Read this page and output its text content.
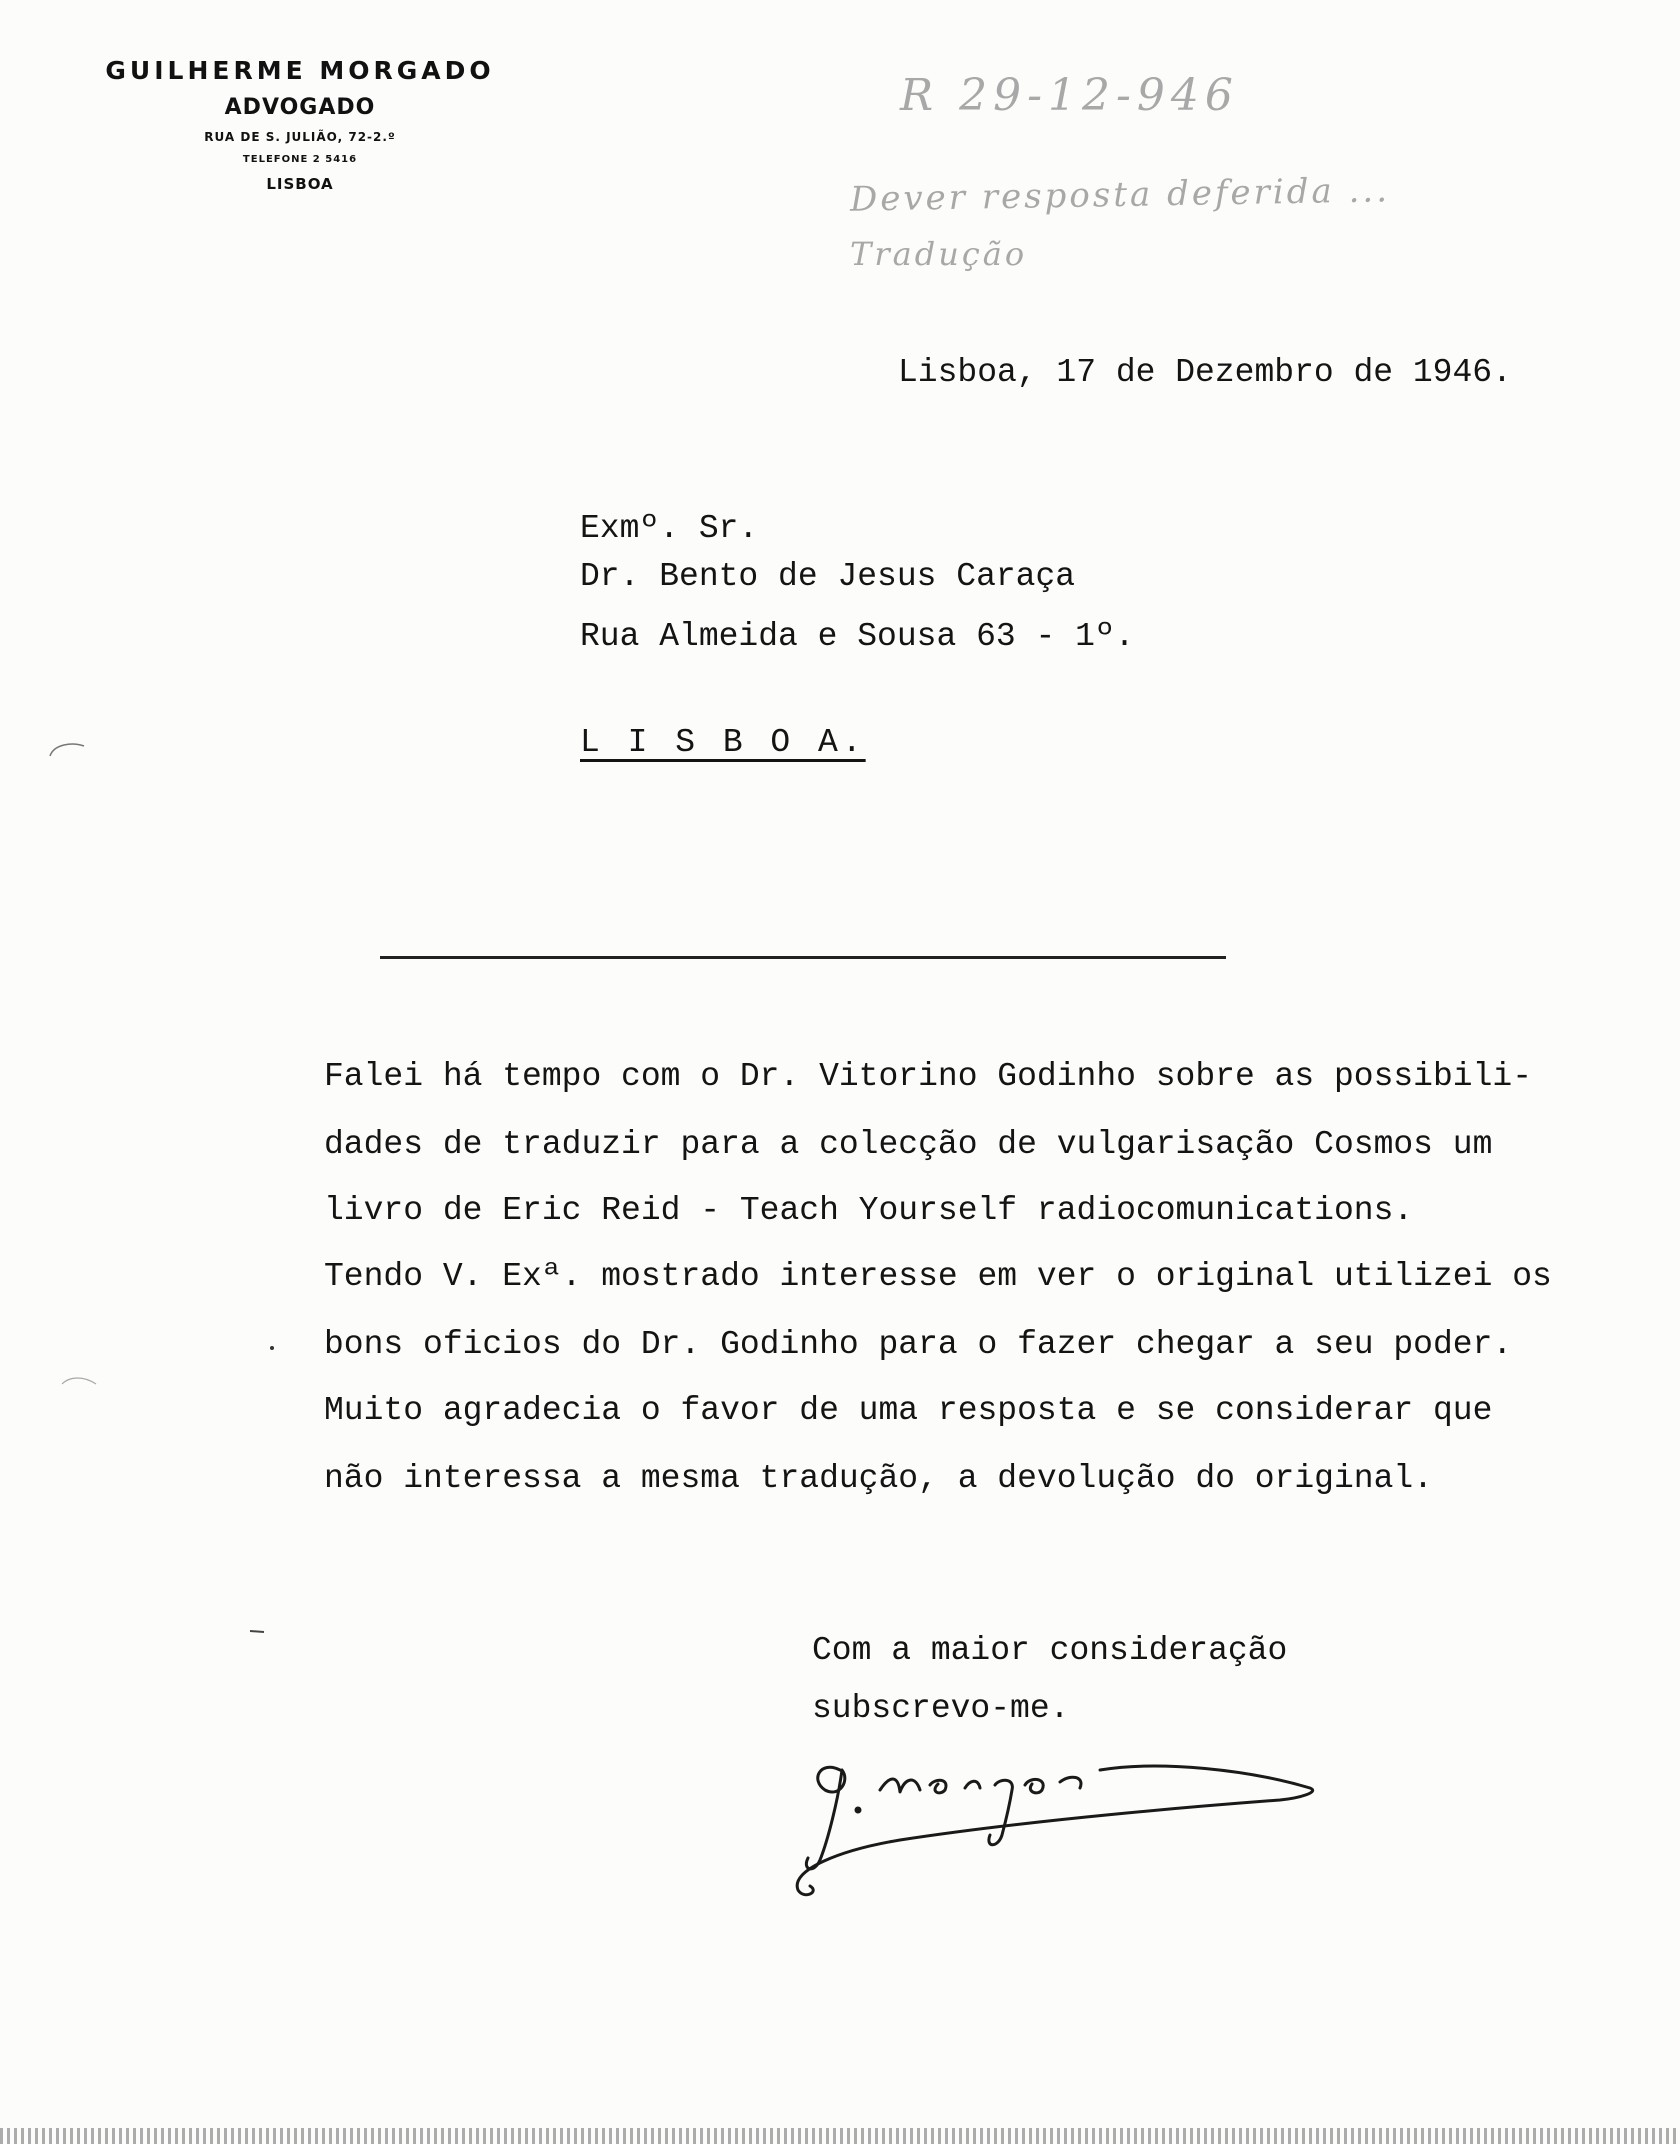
GUILHERME MORGADO
ADVOGADO
RUA DE S. JULIÃO, 72-2.º
TELEFONE 2 5416
LISBOA
R 29-12-946
Dever resposta deferida ...
Tradução
Lisboa, 17 de Dezembro de 1946.
Exmº. Sr.
Dr. Bento de Jesus Caraça
Rua Almeida e Sousa 63 - 1º.
L I S B O A.
Falei há tempo com o Dr. Vitorino Godinho sobre as possibili-
dades de traduzir para a colecção de vulgarisação Cosmos um
livro de Eric Reid - Teach Yourself radiocomunications.
Tendo V. Exª. mostrado interesse em ver o original utilizei os
bons oficios do Dr. Godinho para o fazer chegar a seu poder.
Muito agradecia o favor de uma resposta e se considerar que
não interessa a mesma tradução, a devolução do original.
Com a maior consideração
subscrevo-me.
